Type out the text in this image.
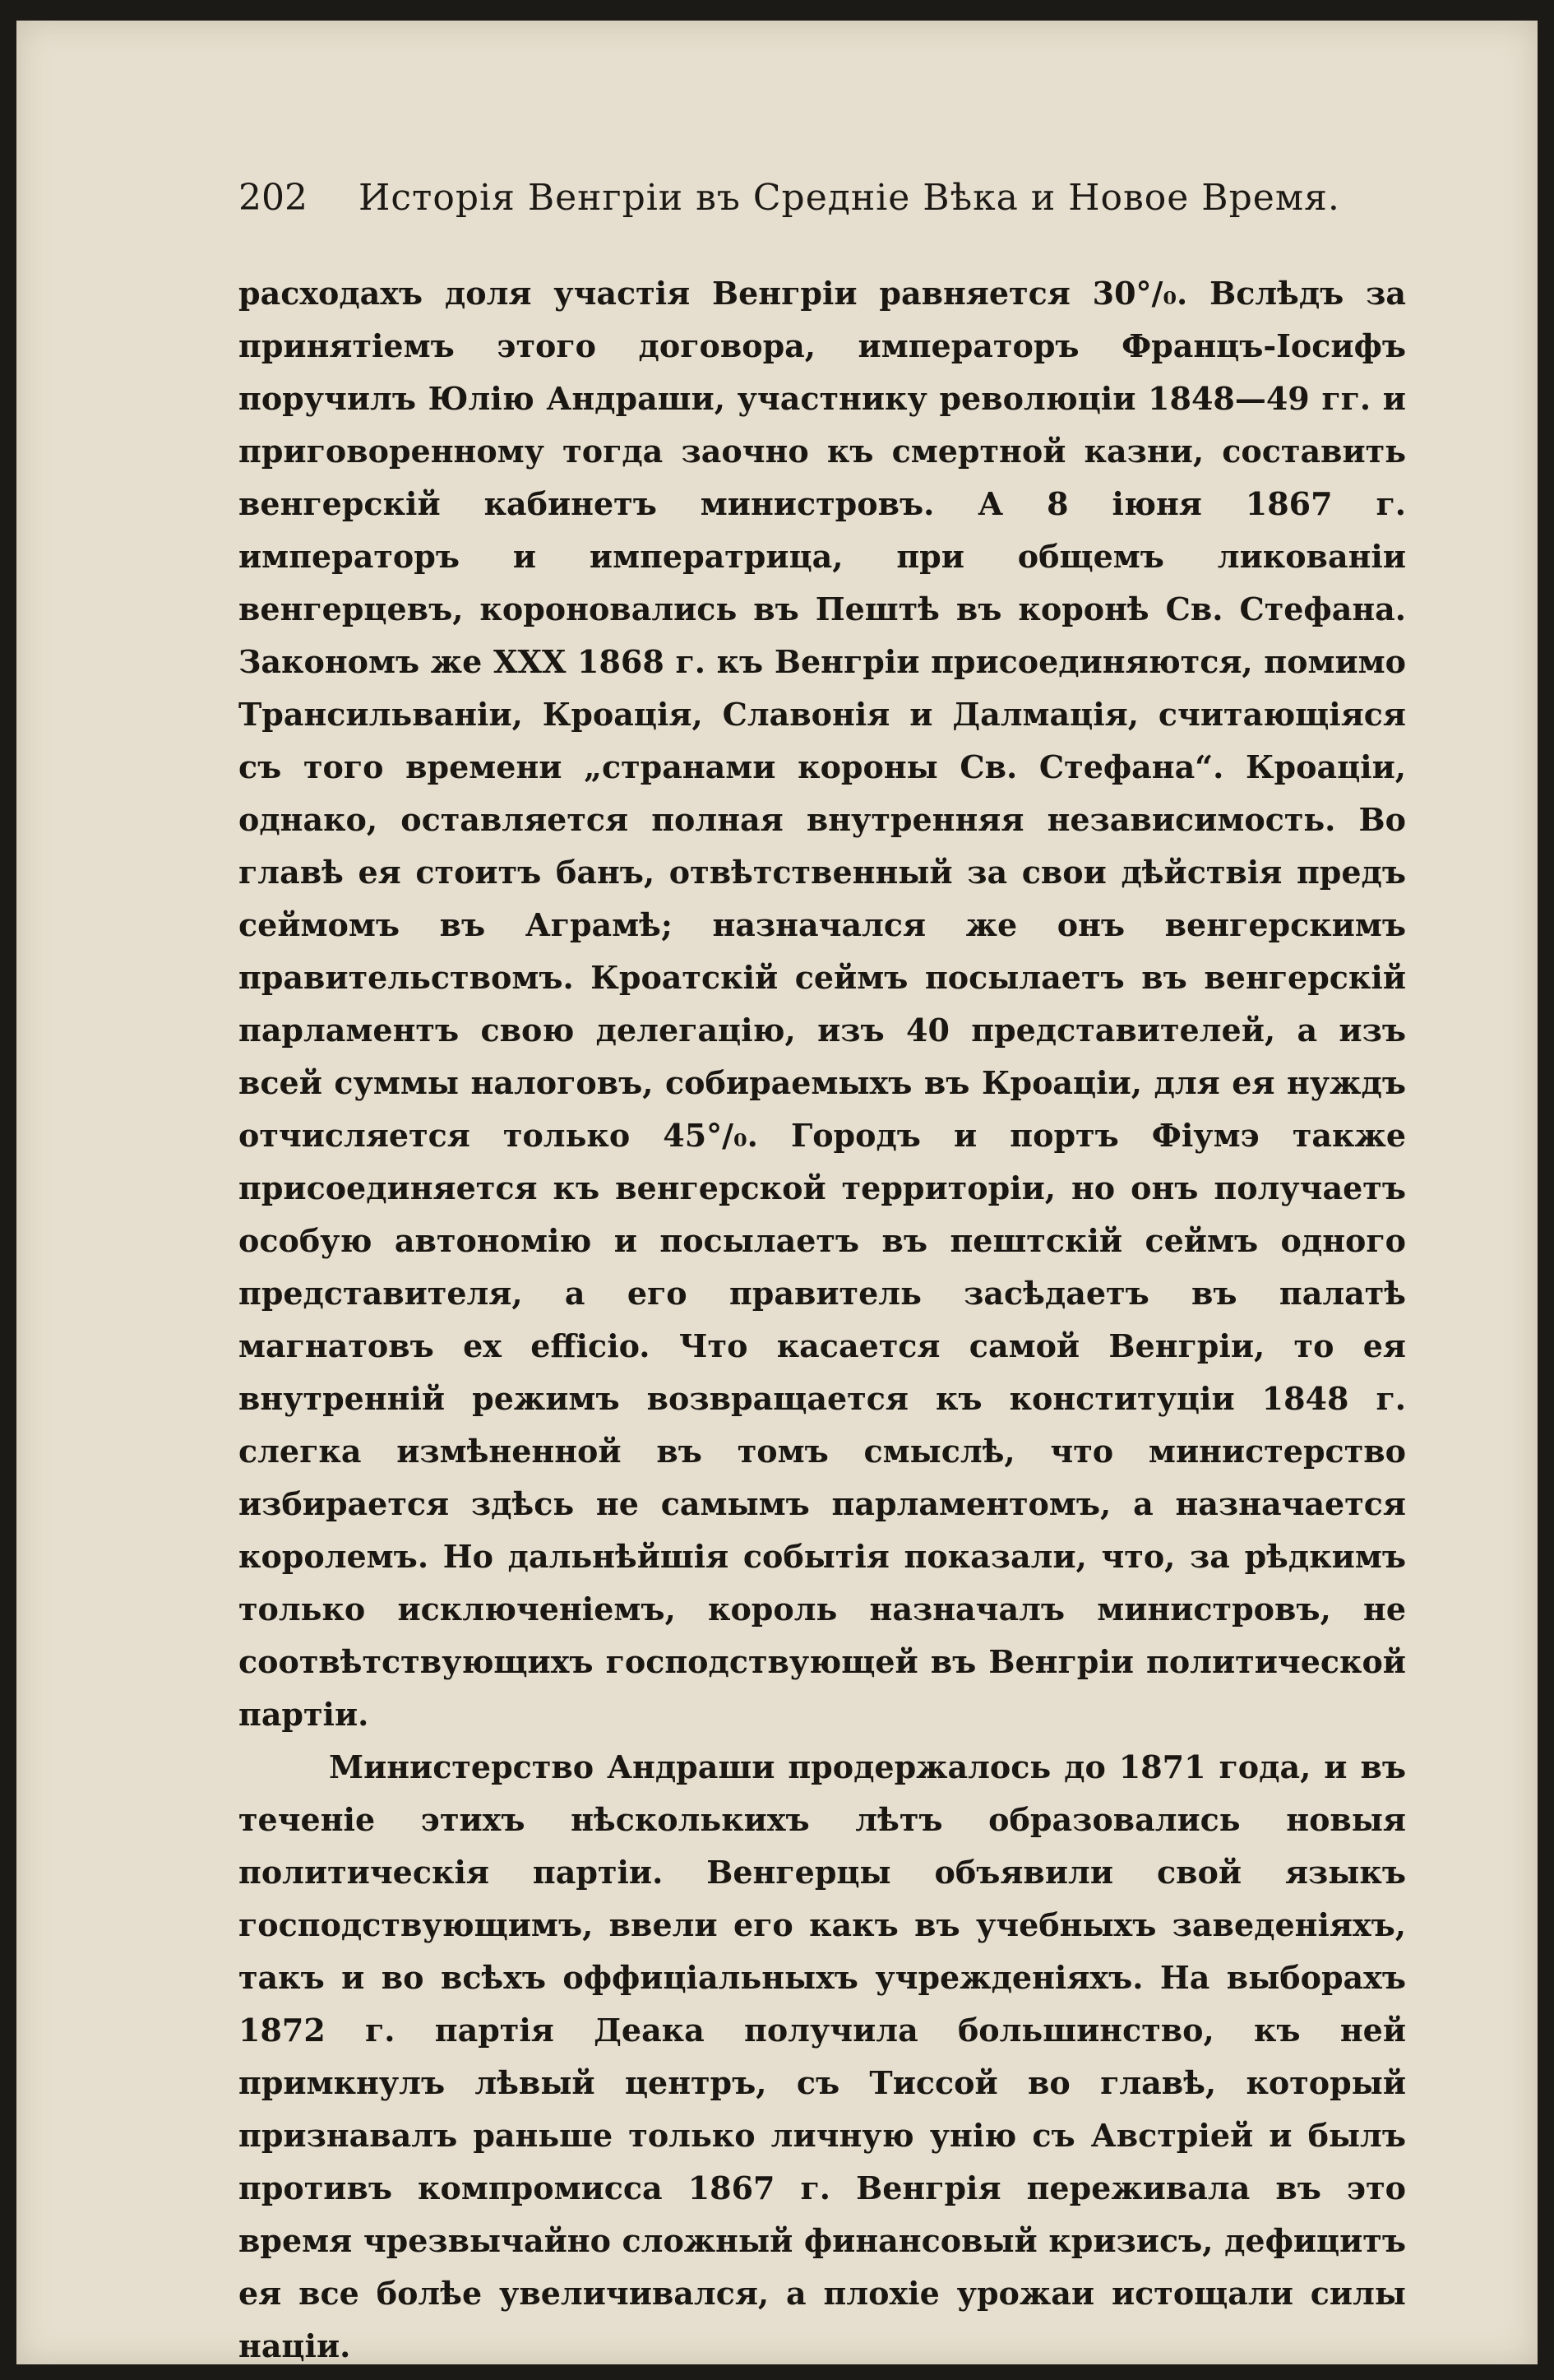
202 Исторія Венгріи въ Средніе Вѣка и Новое Время.

расходахъ доля участія Венгріи равняется 30°/₀. Вслѣдъ за принятіемъ этого договора, императоръ Францъ-Іосифъ поручилъ Юлію Андраши, участнику революціи 1848—49 гг. и приговоренному тогда заочно къ смертной казни, составить венгерскій кабинетъ министровъ. А 8 іюня 1867 г. императоръ и императрица, при общемъ ликованіи венгерцевъ, короновались въ Пештѣ въ коронѣ Св. Стефана. Закономъ же XXX 1868 г. къ Венгріи присоединяются, помимо Трансильваніи, Кроація, Славонія и Далмація, считающіяся съ того времени „странами короны Св. Стефана“. Кроаціи, однако, оставляется полная внутренняя независимость. Во главѣ ея стоитъ банъ, отвѣтственный за свои дѣйствія предъ сеймомъ въ Аграмѣ; назначался же онъ венгерскимъ правительствомъ. Кроатскій сеймъ посылаетъ въ венгерскій парламентъ свою делегацію, изъ 40 представителей, а изъ всей суммы налоговъ, собираемыхъ въ Кроаціи, для ея нуждъ отчисляется только 45°/₀. Городъ и портъ Фіумэ также присоединяется къ венгерской территоріи, но онъ получаетъ особую автономію и посылаетъ въ пештскій сеймъ одного представителя, а его правитель засѣдаетъ въ палатѣ магнатовъ ex efficio. Что касается самой Венгріи, то ея внутренній режимъ возвращается къ конституціи 1848 г. слегка измѣненной въ томъ смыслѣ, что министерство избирается здѣсь не самымъ парламентомъ, а назначается королемъ. Но дальнѣйшія событія показали, что, за рѣдкимъ только исключеніемъ, король назначалъ министровъ, не соотвѣтствующихъ господствующей въ Венгріи политической партіи.

Министерство Андраши продержалось до 1871 года, и въ теченіе этихъ нѣсколькихъ лѣтъ образовались новыя политическія партіи. Венгерцы объявили свой языкъ господствующимъ, ввели его какъ въ учебныхъ заведеніяхъ, такъ и во всѣхъ оффиціальныхъ учрежденіяхъ. На выборахъ 1872 г. партія Деака получила большинство, къ ней примкнулъ лѣвый центръ, съ Тиссой во главѣ, который признавалъ раньше только личную унію съ Австріей и былъ противъ компромисса 1867 г. Венгрія переживала въ это время чрезвычайно сложный финансовый кризисъ, дефицитъ ея все болѣе увеличивался, а плохіе урожаи истощали силы націи.
